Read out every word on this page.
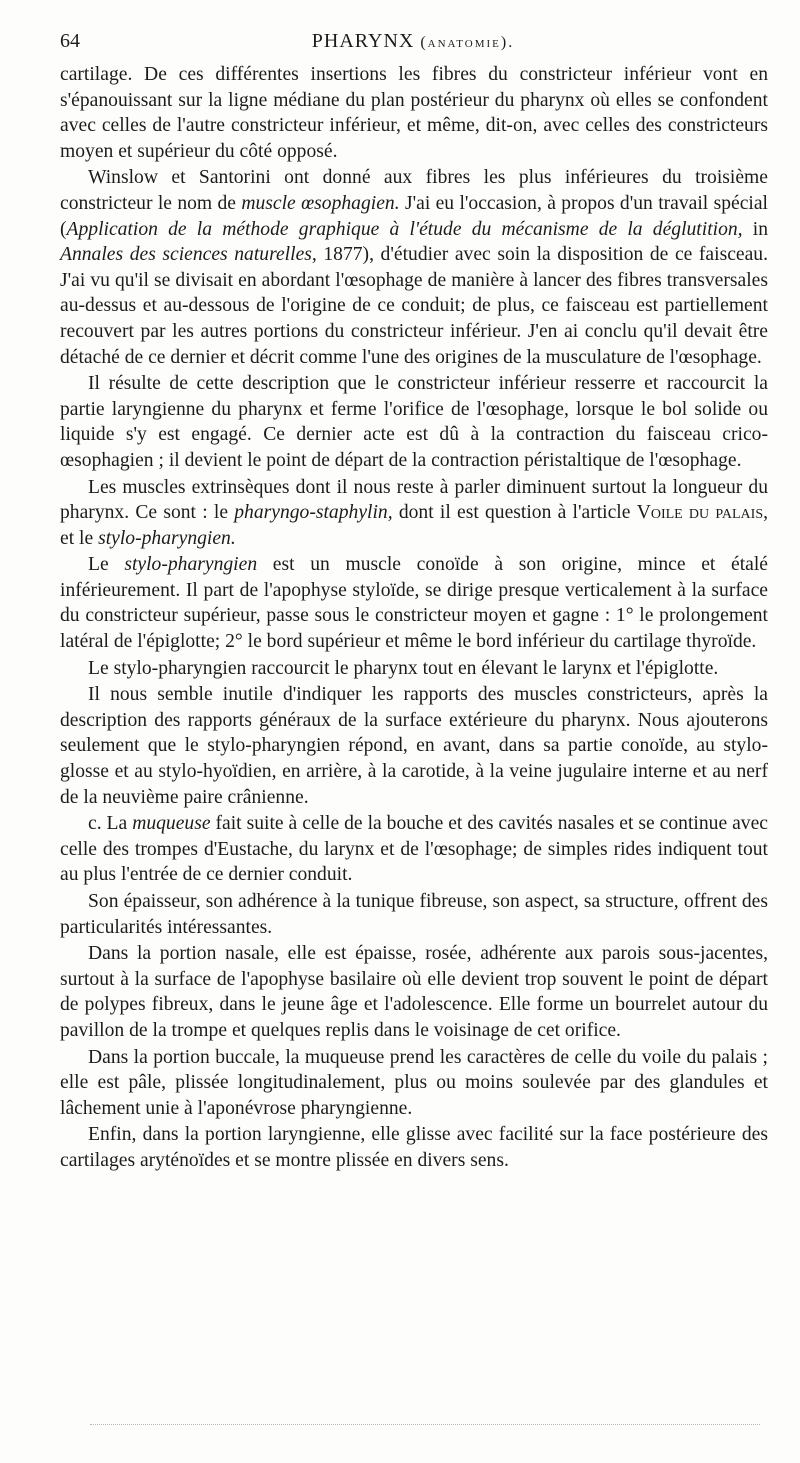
64	PHARYNX (anatomie).

cartilage. De ces différentes insertions les fibres du constricteur inférieur vont en s'épanouissant sur la ligne médiane du plan postérieur du pharynx où elles se confondent avec celles de l'autre constricteur inférieur, et même, dit-on, avec celles des constricteurs moyen et supérieur du côté opposé.

Winslow et Santorini ont donné aux fibres les plus inférieures du troisième constricteur le nom de muscle œsophagien. J'ai eu l'occasion, à propos d'un travail spécial (Application de la méthode graphique à l'étude du mécanisme de la déglutition, in Annales des sciences naturelles, 1877), d'étudier avec soin la disposition de ce faisceau. J'ai vu qu'il se divisait en abordant l'œsophage de manière à lancer des fibres transversales au-dessus et au-dessous de l'origine de ce conduit; de plus, ce faisceau est partiellement recouvert par les autres portions du constricteur inférieur. J'en ai conclu qu'il devait être détaché de ce dernier et décrit comme l'une des origines de la musculature de l'œsophage.

Il résulte de cette description que le constricteur inférieur resserre et raccourcit la partie laryngienne du pharynx et ferme l'orifice de l'œsophage, lorsque le bol solide ou liquide s'y est engagé. Ce dernier acte est dû à la contraction du faisceau crico-œsophagien ; il devient le point de départ de la contraction péristaltique de l'œsophage.

Les muscles extrinsèques dont il nous reste à parler diminuent surtout la longueur du pharynx. Ce sont : le pharyngo-staphylin, dont il est question à l'article Voile du palais, et le stylo-pharyngien.

Le stylo-pharyngien est un muscle conoïde à son origine, mince et étalé inférieurement. Il part de l'apophyse styloïde, se dirige presque verticalement à la surface du constricteur supérieur, passe sous le constricteur moyen et gagne : 1° le prolongement latéral de l'épiglotte; 2° le bord supérieur et même le bord inférieur du cartilage thyroïde.

Le stylo-pharyngien raccourcit le pharynx tout en élevant le larynx et l'épiglotte.

Il nous semble inutile d'indiquer les rapports des muscles constricteurs, après la description des rapports généraux de la surface extérieure du pharynx. Nous ajouterons seulement que le stylo-pharyngien répond, en avant, dans sa partie conoïde, au stylo-glosse et au stylo-hyoïdien, en arrière, à la carotide, à la veine jugulaire interne et au nerf de la neuvième paire crânienne.

c. La muqueuse fait suite à celle de la bouche et des cavités nasales et se continue avec celle des trompes d'Eustache, du larynx et de l'œsophage; de simples rides indiquent tout au plus l'entrée de ce dernier conduit.

Son épaisseur, son adhérence à la tunique fibreuse, son aspect, sa structure, offrent des particularités intéressantes.

Dans la portion nasale, elle est épaisse, rosée, adhérente aux parois sous-jacentes, surtout à la surface de l'apophyse basilaire où elle devient trop souvent le point de départ de polypes fibreux, dans le jeune âge et l'adolescence. Elle forme un bourrelet autour du pavillon de la trompe et quelques replis dans le voisinage de cet orifice.

Dans la portion buccale, la muqueuse prend les caractères de celle du voile du palais ; elle est pâle, plissée longitudinalement, plus ou moins soulevée par des glandules et lâchement unie à l'aponévrose pharyngienne.

Enfin, dans la portion laryngienne, elle glisse avec facilité sur la face postérieure des cartilages aryténoïdes et se montre plissée en divers sens.
